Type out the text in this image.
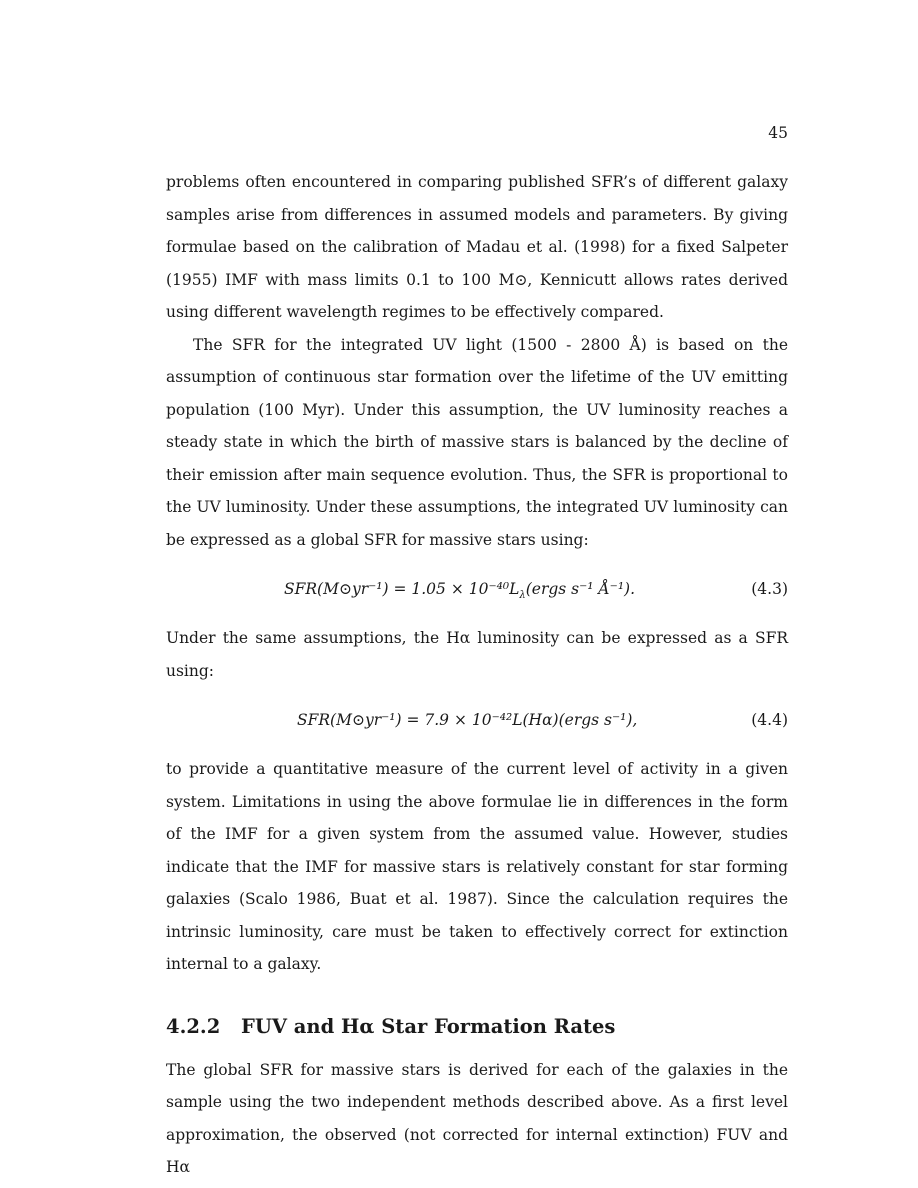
45

problems often encountered in comparing published SFR’s of different galaxy samples arise from differences in assumed models and parameters. By giving formulae based on the calibration of Madau et al. (1998) for a fixed Salpeter (1955) IMF with mass limits 0.1 to 100 M⊙, Kennicutt allows rates derived using different wavelength regimes to be effectively compared.

The SFR for the integrated UV light (1500 - 2800 Å) is based on the assumption of continuous star formation over the lifetime of the UV emitting population (100 Myr). Under this assumption, the UV luminosity reaches a steady state in which the birth of massive stars is balanced by the decline of their emission after main sequence evolution. Thus, the SFR is proportional to the UV luminosity. Under these assumptions, the integrated UV luminosity can be expressed as a global SFR for massive stars using:

SFR(M⊙yr⁻¹) = $1.05 \times 10^{-40}L_\lambda(ergs$ s⁻¹ Å⁻¹).	(4.3)

Under the same assumptions, the Hα luminosity can be expressed as a SFR using:

SFR(M⊙yr⁻¹) = 7.9 × 10⁻⁴²L(Hα)(ergs s⁻¹),	(4.4)

to provide a quantitative measure of the current level of activity in a given system. Limitations in using the above formulae lie in differences in the form of the IMF for a given system from the assumed value. However, studies indicate that the IMF for massive stars is relatively constant for star forming galaxies (Scalo 1986, Buat et al. 1987). Since the calculation requires the intrinsic luminosity, care must be taken to effectively correct for extinction internal to a galaxy.

4.2.2 FUV and Hα Star Formation Rates

The global SFR for massive stars is derived for each of the galaxies in the sample using the two independent methods described above. As a first level approximation, the observed (not corrected for internal extinction) FUV and Hα
